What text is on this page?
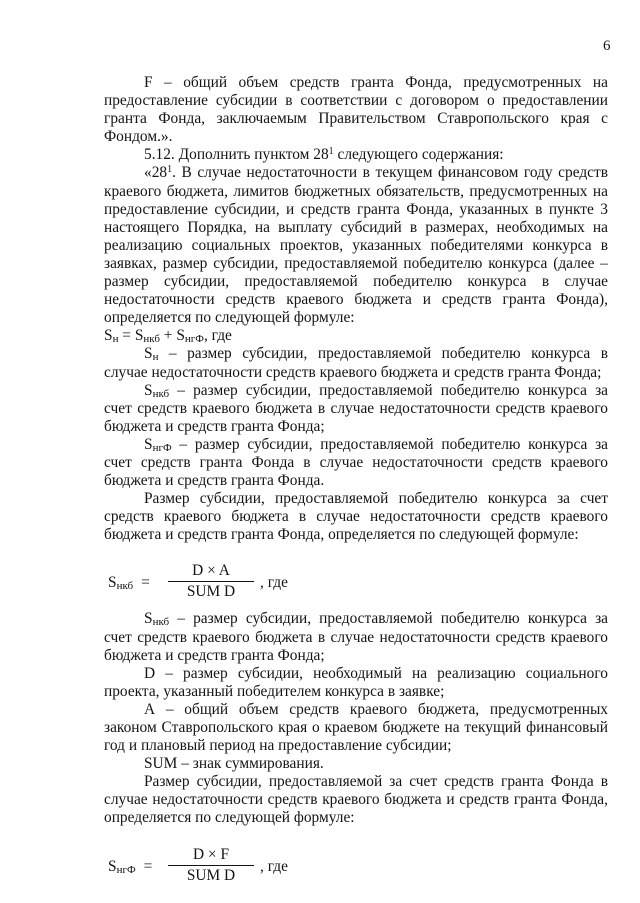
6

F – общий объем средств гранта Фонда, предусмотренных на предоставление субсидии в соответствии с договором о предоставлении гранта Фонда, заключаемым Правительством Ставропольского края с Фондом.».

5.12. Дополнить пунктом $28^1$ следующего содержания:

«$28^1$. В случае недостаточности в текущем финансовом году средств краевого бюджета, лимитов бюджетных обязательств, предусмотренных на предоставление субсидии, и средств гранта Фонда, указанных в пункте 3 настоящего Порядка, на выплату субсидий в размерах, необходимых на реализацию социальных проектов, указанных победителями конкурса в заявках, размер субсидии, предоставляемой победителю конкурса (далее – размер субсидии, предоставляемой победителю конкурса в случае недостаточности средств краевого бюджета и средств гранта Фонда), определяется по следующей формуле:

Sн = Sнкб + SнгФ, где

Sн – размер субсидии, предоставляемой победителю конкурса в случае недостаточности средств краевого бюджета и средств гранта Фонда;

Sнкб – размер субсидии, предоставляемой победителю конкурса за счет средств краевого бюджета в случае недостаточности средств краевого бюджета и средств гранта Фонда;

SнгФ – размер субсидии, предоставляемой победителю конкурса за счет средств гранта Фонда в случае недостаточности средств краевого бюджета и средств гранта Фонда.

Размер субсидии, предоставляемой победителю конкурса за счет средств краевого бюджета в случае недостаточности средств краевого бюджета и средств гранта Фонда, определяется по следующей формуле:

Sнкб =
D × A
SUM D
, где

Sнкб – размер субсидии, предоставляемой победителю конкурса за счет средств краевого бюджета в случае недостаточности средств краевого бюджета и средств гранта Фонда;

D – размер субсидии, необходимый на реализацию социального проекта, указанный победителем конкурса в заявке;

А – общий объем средств краевого бюджета, предусмотренных законом Ставропольского края о краевом бюджете на текущий финансовый год и плановый период на предоставление субсидии;

SUM – знак суммирования.

Размер субсидии, предоставляемой за счет средств гранта Фонда в случае недостаточности средств краевого бюджета и средств гранта Фонда, определяется по следующей формуле:

SнгФ =
D × F
SUM D
, где
